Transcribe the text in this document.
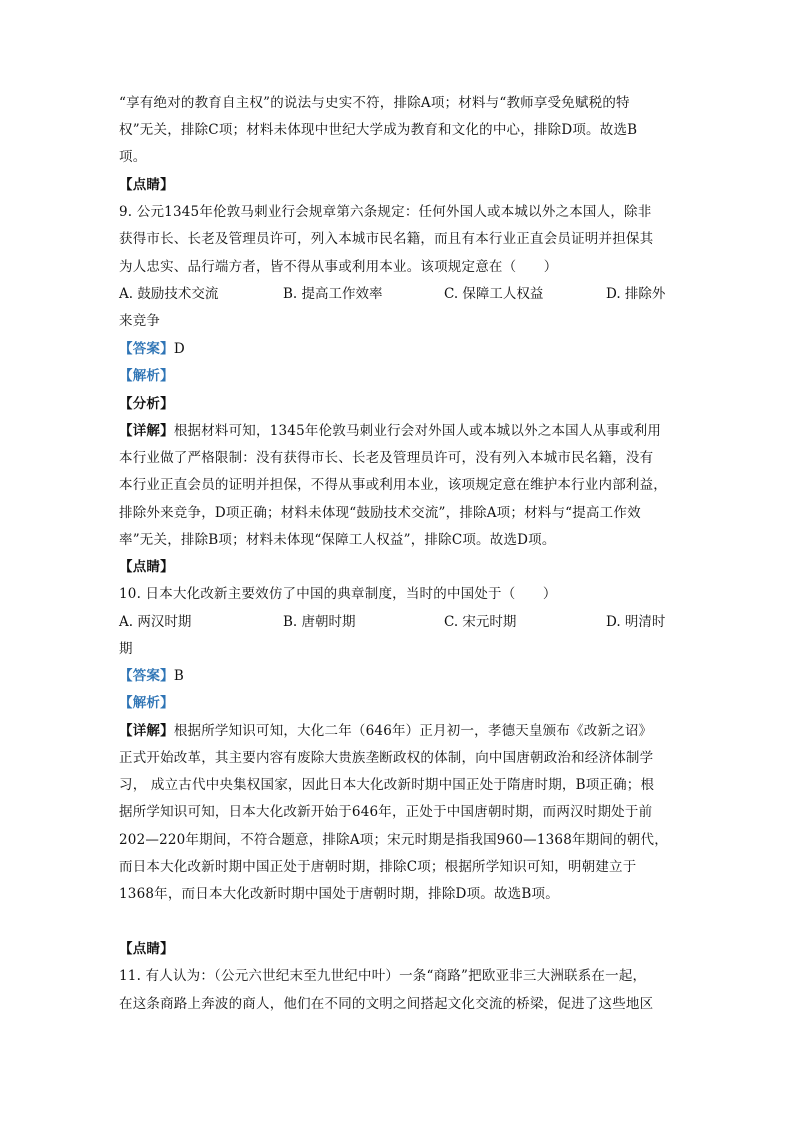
“享有绝对的教育自主权”的说法与史实不符，排除A项；材料与“教师享受免赋税的特
权”无关，排除C项；材料未体现中世纪大学成为教育和文化的中心，排除D项。故选B
项。
【点睛】
9. 公元1345年伦敦马刺业行会规章第六条规定：任何外国人或本城以外之本国人，除非
获得市长、长老及管理员许可，列入本城市民名籍，而且有本行业正直会员证明并担保其
为人忠实、品行端方者，皆不得从事或利用本业。该项规定意在（　　）
A. 鼓励技术交流	B. 提高工作效率	C. 保障工人权益	D. 排除外
来竞争
【答案】D
【解析】
【分析】
【详解】根据材料可知，1345年伦敦马刺业行会对外国人或本城以外之本国人从事或利用
本行业做了严格限制：没有获得市长、长老及管理员许可，没有列入本城市民名籍，没有
本行业正直会员的证明并担保，不得从事或利用本业，该项规定意在维护本行业内部利益，
排除外来竞争，D项正确；材料未体现“鼓励技术交流”，排除A项；材料与“提高工作效
率”无关，排除B项；材料未体现“保障工人权益”，排除C项。故选D项。
【点睛】
10. 日本大化改新主要效仿了中国的典章制度，当时的中国处于（　　）
A. 两汉时期	B. 唐朝时期	C. 宋元时期	D. 明清时
期
【答案】B
【解析】
【详解】根据所学知识可知，大化二年（646年）正月初一，孝德天皇颁布《改新之诏》
正式开始改革，其主要内容有废除大贵族垄断政权的体制，向中国唐朝政治和经济体制学
习， 成立古代中央集权国家，因此日本大化改新时期中国正处于隋唐时期，B项正确；根
据所学知识可知，日本大化改新开始于646年，正处于中国唐朝时期，而两汉时期处于前
202—220年期间，不符合题意，排除A项；宋元时期是指我国960—1368年期间的朝代，
而日本大化改新时期中国正处于唐朝时期，排除C项；根据所学知识可知，明朝建立于
1368年，而日本大化改新时期中国处于唐朝时期，排除D项。故选B项。
【点睛】
11. 有人认为：（公元六世纪末至九世纪中叶）一条“商路”把欧亚非三大洲联系在一起，
在这条商路上奔波的商人，他们在不同的文明之间搭起文化交流的桥梁，促进了这些地区
